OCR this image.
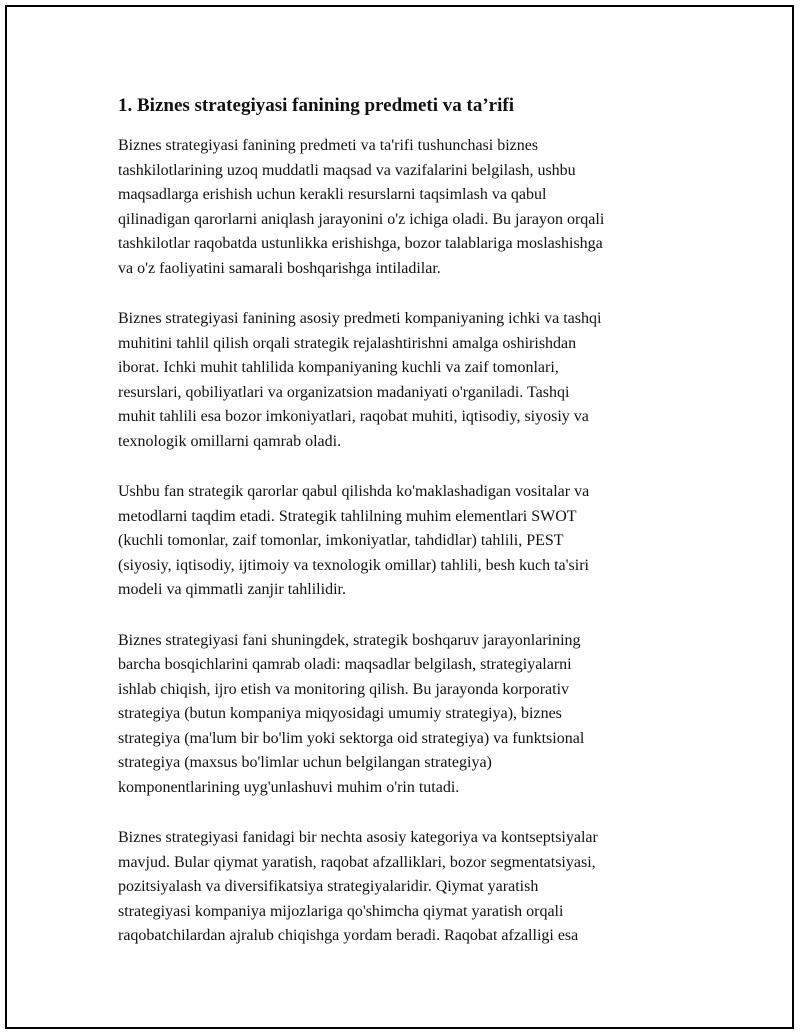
1. Biznes strategiyasi fanining predmeti va ta’rifi

Biznes strategiyasi fanining predmeti va ta'rifi tushunchasi biznes
tashkilotlarining uzoq muddatli maqsad va vazifalarini belgilash, ushbu
maqsadlarga erishish uchun kerakli resurslarni taqsimlash va qabul
qilinadigan qarorlarni aniqlash jarayonini o'z ichiga oladi. Bu jarayon orqali
tashkilotlar raqobatda ustunlikka erishishga, bozor talablariga moslashishga
va o'z faoliyatini samarali boshqarishga intiladilar.

Biznes strategiyasi fanining asosiy predmeti kompaniyaning ichki va tashqi
muhitini tahlil qilish orqali strategik rejalashtirishni amalga oshirishdan
iborat. Ichki muhit tahlilida kompaniyaning kuchli va zaif tomonlari,
resurslari, qobiliyatlari va organizatsion madaniyati o'rganiladi. Tashqi
muhit tahlili esa bozor imkoniyatlari, raqobat muhiti, iqtisodiy, siyosiy va
texnologik omillarni qamrab oladi.

Ushbu fan strategik qarorlar qabul qilishda ko'maklashadigan vositalar va
metodlarni taqdim etadi. Strategik tahlilning muhim elementlari SWOT
(kuchli tomonlar, zaif tomonlar, imkoniyatlar, tahdidlar) tahlili, PEST
(siyosiy, iqtisodiy, ijtimoiy va texnologik omillar) tahlili, besh kuch ta'siri
modeli va qimmatli zanjir tahlilidir.

Biznes strategiyasi fani shuningdek, strategik boshqaruv jarayonlarining
barcha bosqichlarini qamrab oladi: maqsadlar belgilash, strategiyalarni
ishlab chiqish, ijro etish va monitoring qilish. Bu jarayonda korporativ
strategiya (butun kompaniya miqyosidagi umumiy strategiya), biznes
strategiya (ma'lum bir bo'lim yoki sektorga oid strategiya) va funktsional
strategiya (maxsus bo'limlar uchun belgilangan strategiya)
komponentlarining uyg'unlashuvi muhim o'rin tutadi.

Biznes strategiyasi fanidagi bir nechta asosiy kategoriya va kontseptsiyalar
mavjud. Bular qiymat yaratish, raqobat afzalliklari, bozor segmentatsiyasi,
pozitsiyalash va diversifikatsiya strategiyalaridir. Qiymat yaratish
strategiyasi kompaniya mijozlariga qo'shimcha qiymat yaratish orqali
raqobatchilardan ajralub chiqishga yordam beradi. Raqobat afzalligi esa
